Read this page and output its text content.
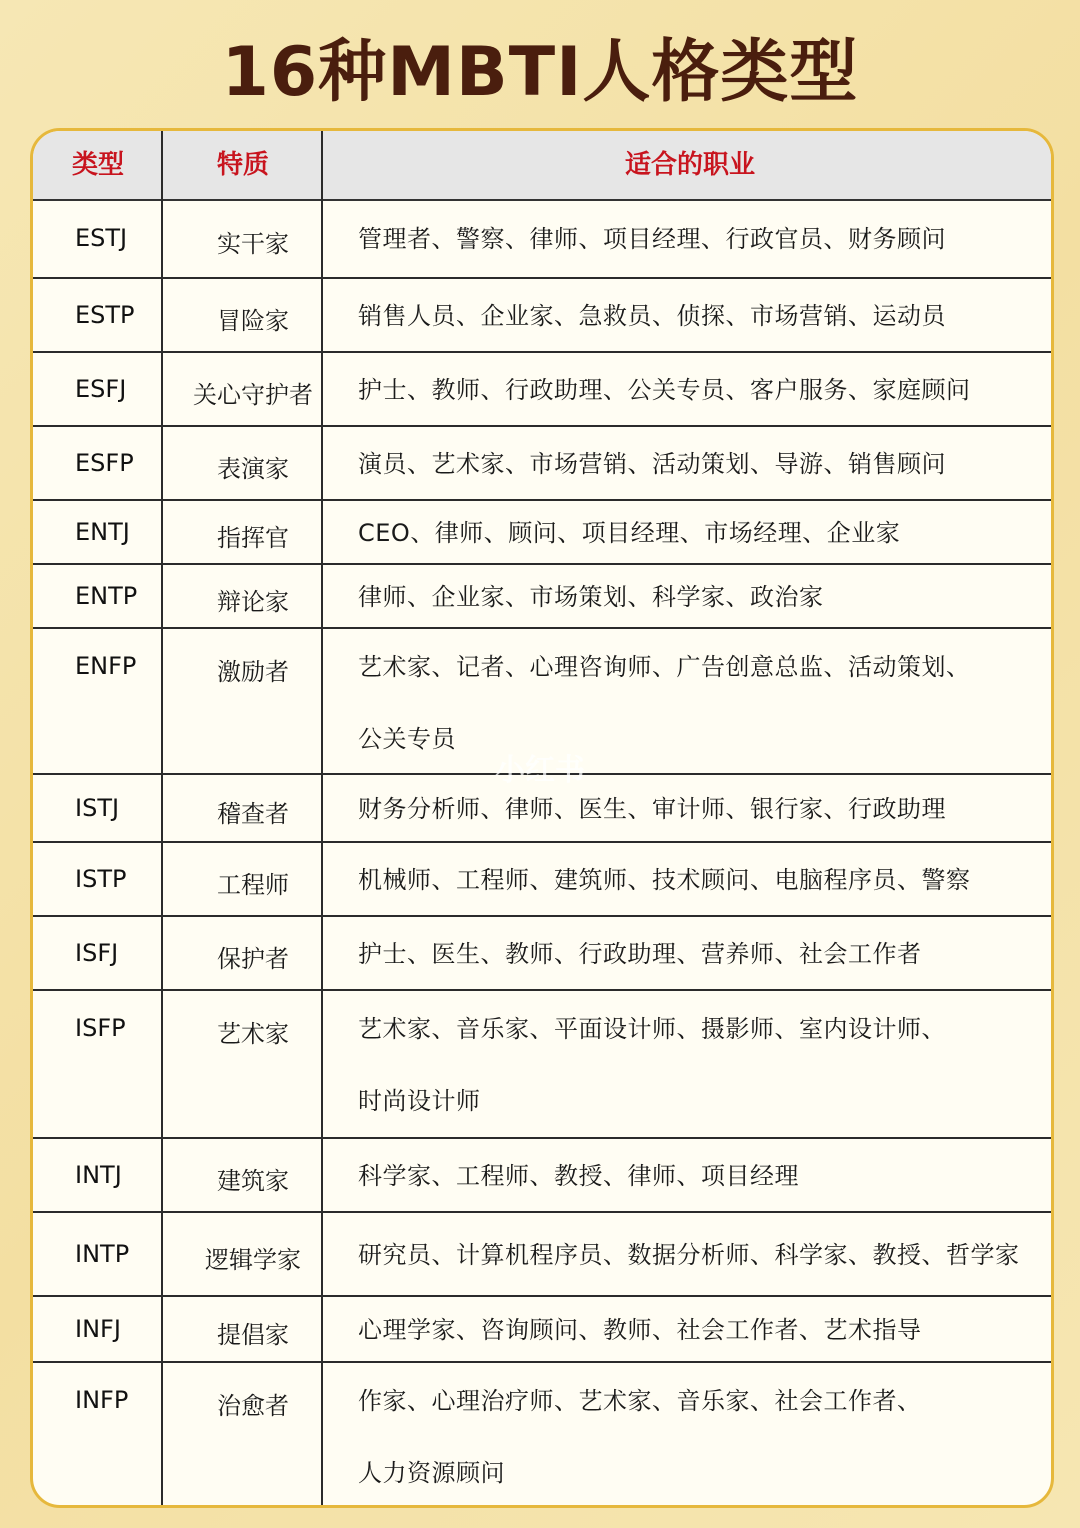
16种MBTI人格类型
类型	特质	适合的职业
ESTJ	实干家	管理者、警察、律师、项目经理、行政官员、财务顾问
ESTP	冒险家	销售人员、企业家、急救员、侦探、市场营销、运动员
ESFJ	关心守护者	护士、教师、行政助理、公关专员、客户服务、家庭顾问
ESFP	表演家	演员、艺术家、市场营销、活动策划、导游、销售顾问
ENTJ	指挥官	CEO、律师、顾问、项目经理、市场经理、企业家
ENTP	辩论家	律师、企业家、市场策划、科学家、政治家
ENFP	激励者	艺术家、记者、心理咨询师、广告创意总监、活动策划、
公关专员
ISTJ	稽查者	财务分析师、律师、医生、审计师、银行家、行政助理
ISTP	工程师	机械师、工程师、建筑师、技术顾问、电脑程序员、警察
ISFJ	保护者	护士、医生、教师、行政助理、营养师、社会工作者
ISFP	艺术家	艺术家、音乐家、平面设计师、摄影师、室内设计师、
时尚设计师
INTJ	建筑家	科学家、工程师、教授、律师、项目经理
INTP	逻辑学家	研究员、计算机程序员、数据分析师、科学家、教授、哲学家
INFJ	提倡家	心理学家、咨询顾问、教师、社会工作者、艺术指导
INFP	治愈者	作家、心理治疗师、艺术家、音乐家、社会工作者、
人力资源顾问
小红书
